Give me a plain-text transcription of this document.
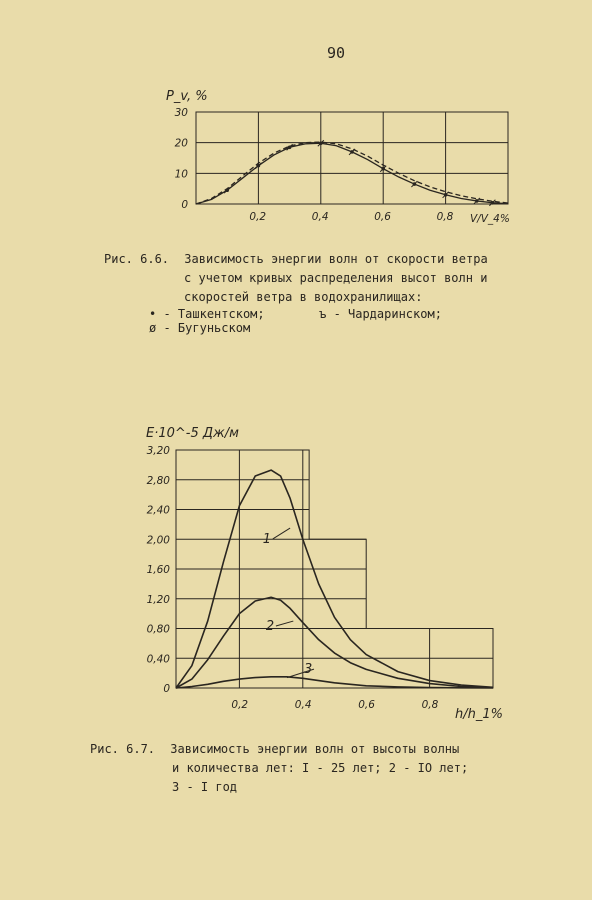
90
0,2	0,4	0,6	0,8
0
10
20
30
P_v, %
V/V_4%
Рис. 6.6. Зависимость энергии волн от скорости ветра
с учетом кривых распределения высот волн и
скоростей ветра в водохранилищах:
• - Ташкентском;	ъ - Чардаринском;
ø - Бугуньском
0,2	0,4	0,6	0,8
0
0,40
0,80
1,20
1,60
2,00
2,40
2,80
3,20
1
2
3
E·10^-5 Дж/м
h/h_1%
Рис. 6.7. Зависимость энергии волн от высоты волны
и количества лет: I - 25 лет; 2 - IO лет;
3 - I год
